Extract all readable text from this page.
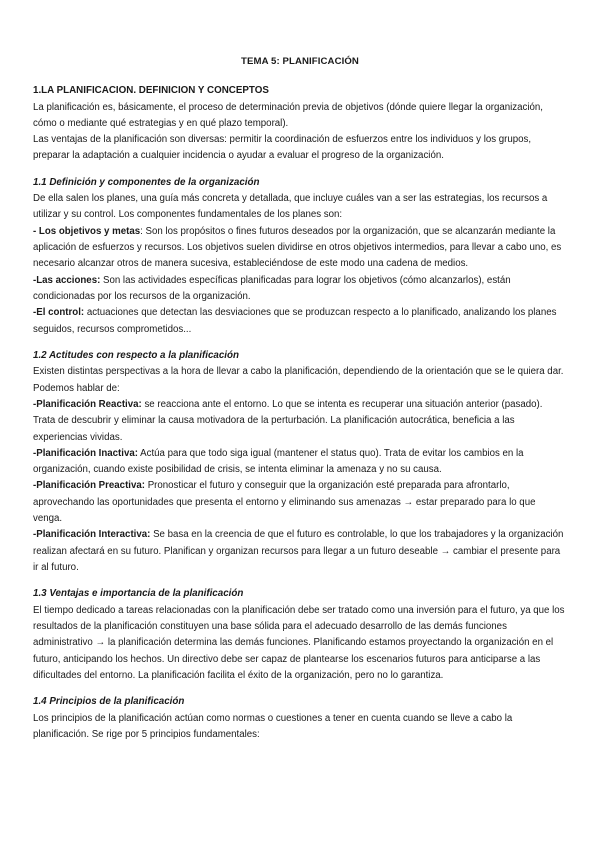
TEMA 5: PLANIFICACIÓN
1.LA PLANIFICACION. DEFINICION Y CONCEPTOS

La planificación es, básicamente, el proceso de determinación previa de objetivos (dónde quiere llegar la organización, cómo o mediante qué estrategias y en qué plazo temporal).

Las ventajas de la planificación son diversas: permitir la coordinación de esfuerzos entre los individuos y los grupos, preparar la adaptación a cualquier incidencia o ayudar a evaluar el progreso de la organización.

1.1 Definición y componentes de la organización

De ella salen los planes, una guía más concreta y detallada, que incluye cuáles van a ser las estrategias, los recursos a utilizar y su control. Los componentes fundamentales de los planes son:

- Los objetivos y metas: Son los propósitos o fines futuros deseados por la organización, que se alcanzarán mediante la aplicación de esfuerzos y recursos. Los objetivos suelen dividirse en otros objetivos intermedios, para llevar a cabo uno, es necesario alcanzar otros de manera sucesiva, estableciéndose de este modo una cadena de medios.

-Las acciones: Son las actividades específicas planificadas para lograr los objetivos (cómo alcanzarlos), están condicionadas por los recursos de la organización.

-El control: actuaciones que detectan las desviaciones que se produzcan respecto a lo planificado, analizando los planes seguidos, recursos comprometidos...

1.2 Actitudes con respecto a la planificación

Existen distintas perspectivas a la hora de llevar a cabo la planificación, dependiendo de la orientación que se le quiera dar. Podemos hablar de:

-Planificación Reactiva: se reacciona ante el entorno. Lo que se intenta es recuperar una situación anterior (pasado). Trata de descubrir y eliminar la causa motivadora de la perturbación. La planificación autocrática, beneficia a las experiencias vividas.

-Planificación Inactiva: Actúa para que todo siga igual (mantener el status quo). Trata de evitar los cambios en la organización, cuando existe posibilidad de crisis, se intenta eliminar la amenaza y no su causa.

-Planificación Preactiva: Pronosticar el futuro y conseguir que la organización esté preparada para afrontarlo, aprovechando las oportunidades que presenta el entorno y eliminando sus amenazas → estar preparado para lo que venga.

-Planificación Interactiva: Se basa en la creencia de que el futuro es controlable, lo que los trabajadores y la organización realizan afectará en su futuro. Planifican y organizan recursos para llegar a un futuro deseable → cambiar el presente para ir al futuro.

1.3 Ventajas e importancia de la planificación

El tiempo dedicado a tareas relacionadas con la planificación debe ser tratado como una inversión para el futuro, ya que los resultados de la planificación constituyen una base sólida para el adecuado desarrollo de las demás funciones administrativo → la planificación determina las demás funciones. Planificando estamos proyectando la organización en el futuro, anticipando los hechos. Un directivo debe ser capaz de plantearse los escenarios futuros para anticiparse a las dificultades del entorno. La planificación facilita el éxito de la organización, pero no lo garantiza.

1.4 Principios de la planificación

Los principios de la planificación actúan como normas o cuestiones a tener en cuenta cuando se lleve a cabo la planificación. Se rige por 5 principios fundamentales:
